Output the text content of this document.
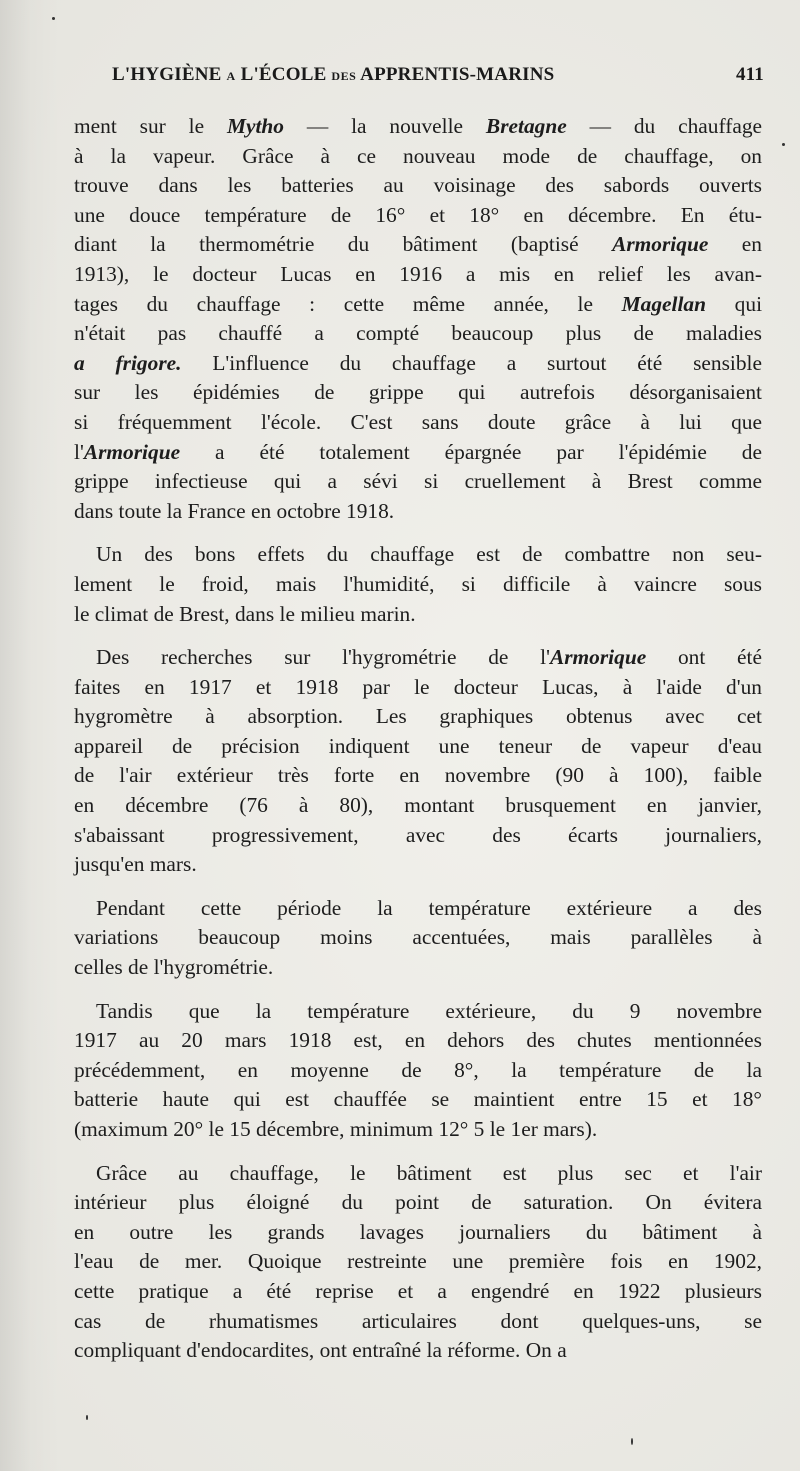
L'HYGIÈNE A L'ÉCOLE DES APPRENTIS-MARINS	411
ment sur le Mytho — la nouvelle Bretagne — du chauffage
à la vapeur. Grâce à ce nouveau mode de chauffage, on
trouve dans les batteries au voisinage des sabords ouverts
une douce température de 16° et 18° en décembre. En étu-
diant la thermométrie du bâtiment (baptisé Armorique en
1913), le docteur Lucas en 1916 a mis en relief les avan-
tages du chauffage : cette même année, le Magellan qui
n'était pas chauffé a compté beaucoup plus de maladies
a frigore. L'influence du chauffage a surtout été sensible
sur les épidémies de grippe qui autrefois désorganisaient
si fréquemment l'école. C'est sans doute grâce à lui que
l'Armorique a été totalement épargnée par l'épidémie de
grippe infectieuse qui a sévi si cruellement à Brest comme
dans toute la France en octobre 1918.
Un des bons effets du chauffage est de combattre non seu-
lement le froid, mais l'humidité, si difficile à vaincre sous
le climat de Brest, dans le milieu marin.
Des recherches sur l'hygrométrie de l'Armorique ont été
faites en 1917 et 1918 par le docteur Lucas, à l'aide d'un
hygromètre à absorption. Les graphiques obtenus avec cet
appareil de précision indiquent une teneur de vapeur d'eau
de l'air extérieur très forte en novembre (90 à 100), faible
en décembre (76 à 80), montant brusquement en janvier,
s'abaissant progressivement, avec des écarts journaliers,
jusqu'en mars.
Pendant cette période la température extérieure a des
variations beaucoup moins accentuées, mais parallèles à
celles de l'hygrométrie.
Tandis que la température extérieure, du 9 novembre
1917 au 20 mars 1918 est, en dehors des chutes mentionnées
précédemment, en moyenne de 8°, la température de la
batterie haute qui est chauffée se maintient entre 15 et 18°
(maximum 20° le 15 décembre, minimum 12° 5 le 1er mars).
Grâce au chauffage, le bâtiment est plus sec et l'air
intérieur plus éloigné du point de saturation. On évitera
en outre les grands lavages journaliers du bâtiment à
l'eau de mer. Quoique restreinte une première fois en 1902,
cette pratique a été reprise et a engendré en 1922 plusieurs
cas de rhumatismes articulaires dont quelques-uns, se
compliquant d'endocardites, ont entraîné la réforme. On a
